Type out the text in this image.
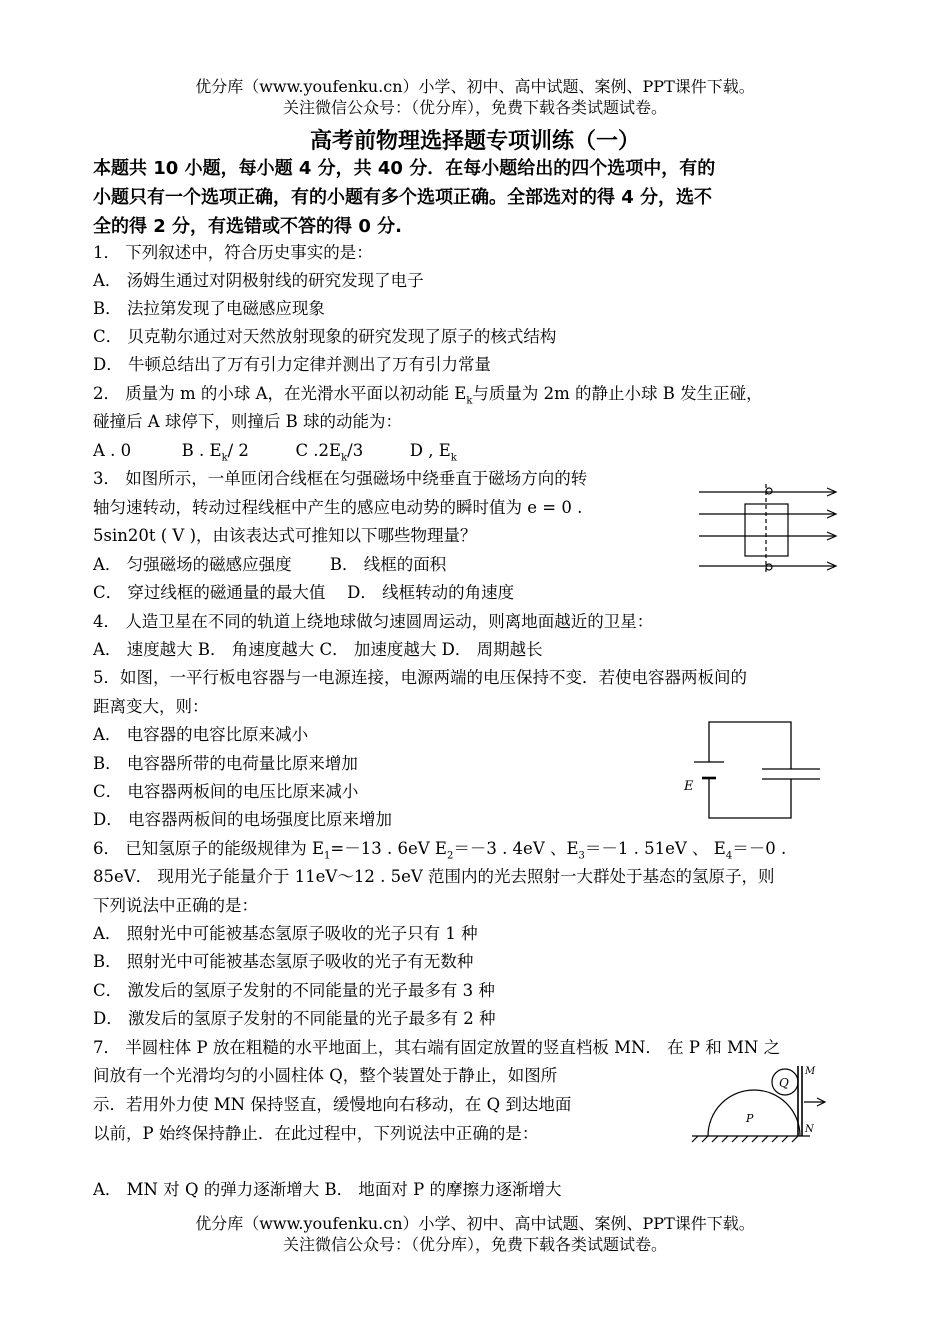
优分库（www.youfenku.cn）小学、初中、高中试题、案例、PPT课件下载。
关注微信公众号：（优分库），免费下载各类试题试卷。
高考前物理选择题专项训练（一）
本题共 10 小题，每小题 4 分，共 40 分．在每小题给出的四个选项中，有的
小题只有一个选项正确，有的小题有多个选项正确。全部选对的得 4 分，选不
全的得 2 分，有选错或不答的得 0 分.
1． 下列叙述中，符合历史事实的是：
A． 汤姆生通过对阴极射线的研究发现了电子
B． 法拉第发现了电磁感应现象
C． 贝克勒尔通过对天然放射现象的研究发现了原子的核式结构
D． 牛顿总结出了万有引力定律并测出了万有引力常量
2． 质量为 m 的小球 A，在光滑水平面以初动能 $E_k$与质量为 2m 的静止小球 B 发生正碰，
碰撞后 A 球停下，则撞后 B 球的动能为：
A . 0	B . $E_k/$ 2	C $.2E_k/3$	D , $E_k$
3． 如图所示，一单匝闭合线框在匀强磁场中绕垂直于磁场方向的转
轴匀速转动，转动过程线框中产生的感应电动势的瞬时值为 e = 0 .
5sin20t ( V )，由该表达式可推知以下哪些物理量？
A． 匀强磁场的磁感应强度　　 B． 线框的面积
C． 穿过线框的磁通量的最大值　 D． 线框转动的角速度
4． 人造卫星在不同的轨道上绕地球做匀速圆周运动，则离地面越近的卫星：
A． 速度越大 B． 角速度越大 C． 加速度越大 D． 周期越长
5．如图，一平行板电容器与一电源连接，电源两端的电压保持不变．若使电容器两板间的
距离变大，则：
A． 电容器的电容比原来减小
B． 电容器所带的电荷量比原来增加
C． 电容器两板间的电压比原来减小
D． 电容器两板间的电场强度比原来增加
E
6． 已知氢原子的能级规律为 $E_1=-13$ . 6eV $E_2=-3$ . 4eV 、$E_3=-1$ . 51eV 、 $E_4=-0$ .
85eV． 现用光子能量介于 11eV～12 . 5eV 范围内的光去照射一大群处于基态的氢原子，则
下列说法中正确的是：
A． 照射光中可能被基态氢原子吸收的光子只有 1 种
B． 照射光中可能被基态氢原子吸收的光子有无数种
C． 激发后的氢原子发射的不同能量的光子最多有 3 种
D． 激发后的氢原子发射的不同能量的光子最多有 2 种
7． 半圆柱体 P 放在粗糙的水平地面上，其右端有固定放置的竖直档板 MN． 在 P 和 MN 之
间放有一个光滑均匀的小圆柱体 Q，整个装置处于静止，如图所
示．若用外力使 MN 保持竖直，缓慢地向右移动，在 Q 到达地面
以前，P 始终保持静止．在此过程中，下列说法中正确的是：
A． MN 对 Q 的弹力逐渐增大 B． 地面对 P 的摩擦力逐渐增大
Q
P
M
N
优分库（www.youfenku.cn）小学、初中、高中试题、案例、PPT课件下载。
关注微信公众号：（优分库），免费下载各类试题试卷。
